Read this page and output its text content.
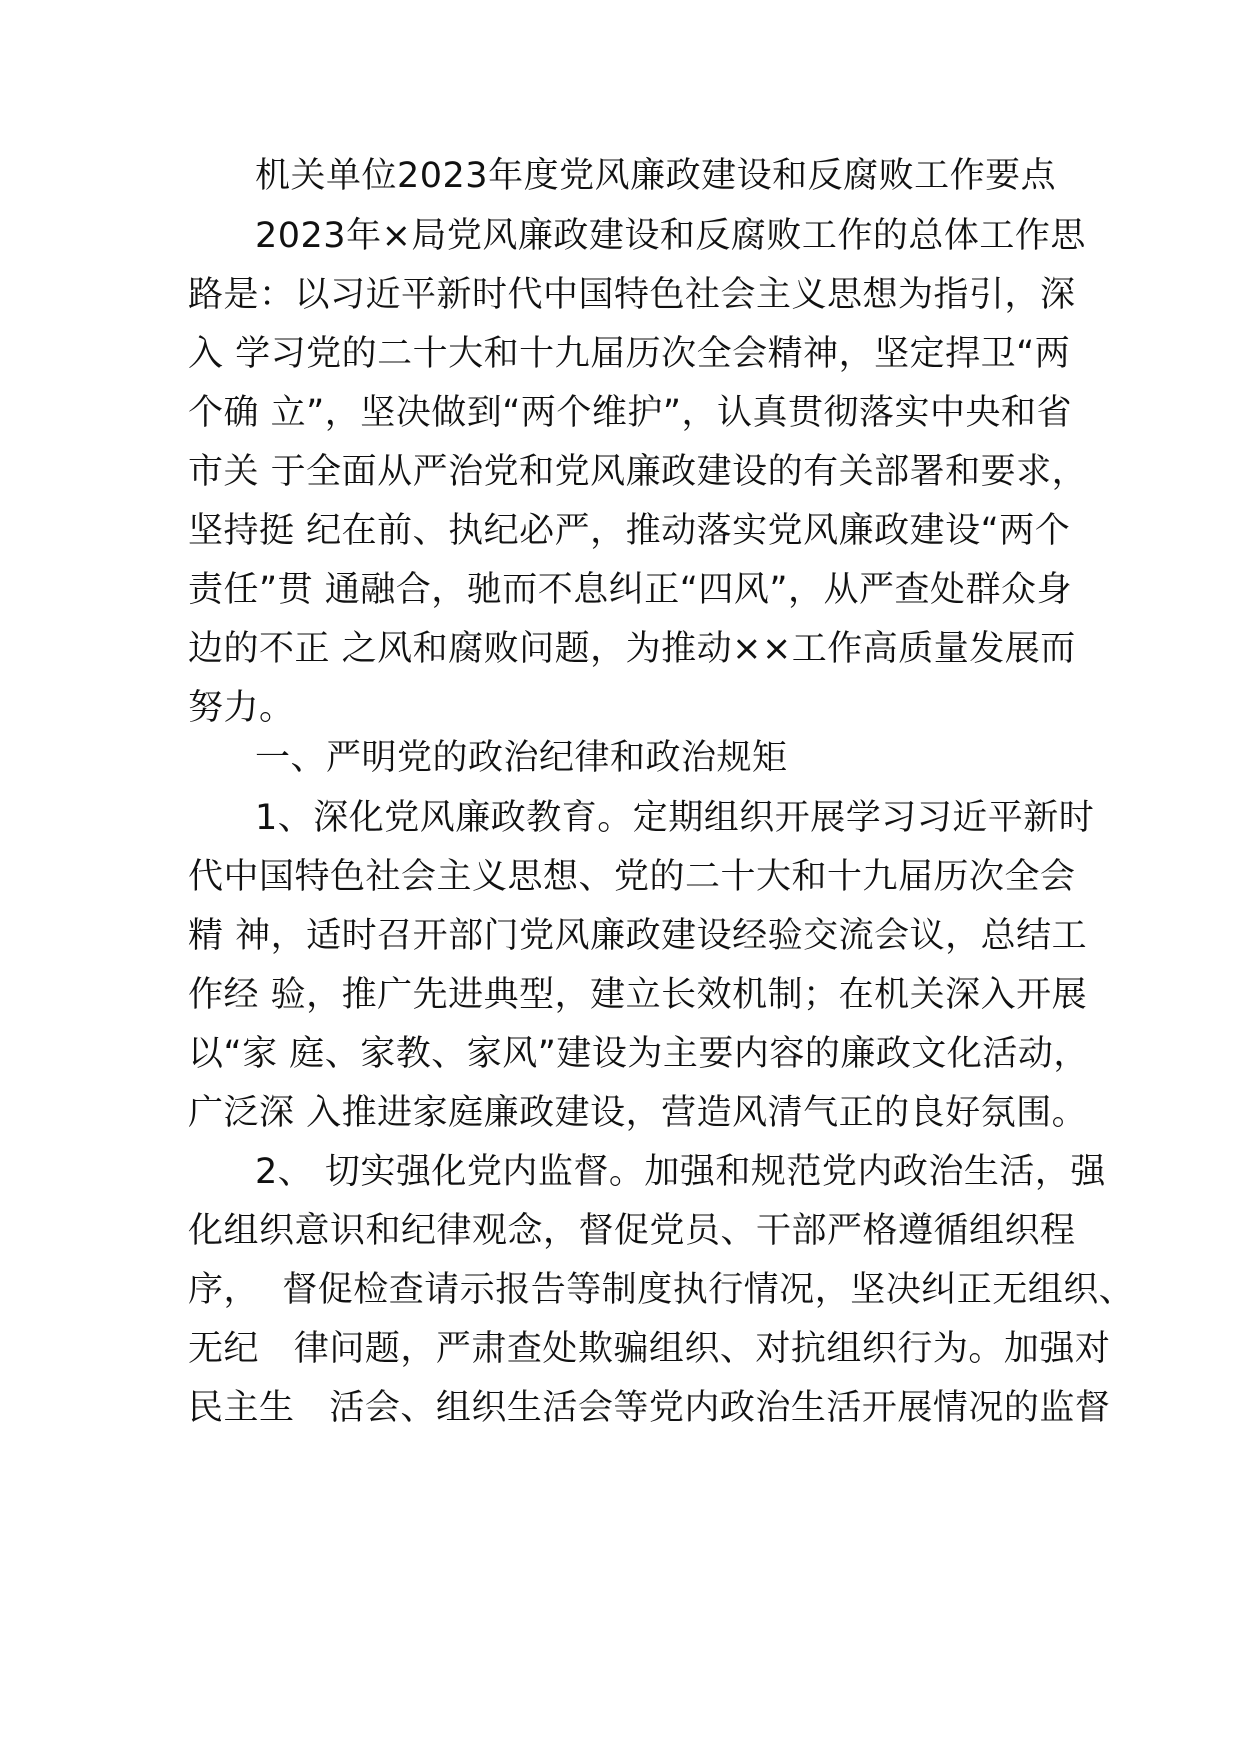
机关单位2023年度党风廉政建设和反腐败工作要点
2023年×局党风廉政建设和反腐败工作的总体工作思
路是：以习近平新时代中国特色社会主义思想为指引，深
入 学习党的二十大和十九届历次全会精神，坚定捍卫“两
个确 立”，坚决做到“两个维护”，认真贯彻落实中央和省
市关 于全面从严治党和党风廉政建设的有关部署和要求，
坚持挺 纪在前、执纪必严，推动落实党风廉政建设“两个
责任”贯 通融合，驰而不息纠正“四风”，从严查处群众身
边的不正 之风和腐败问题，为推动××工作高质量发展而
努力。
一、严明党的政治纪律和政治规矩
1、深化党风廉政教育。定期组织开展学习习近平新时
代中国特色社会主义思想、党的二十大和十九届历次全会
精 神，适时召开部门党风廉政建设经验交流会议，总结工
作经 验，推广先进典型，建立长效机制；在机关深入开展
以“家 庭、家教、家风”建设为主要内容的廉政文化活动，
广泛深 入推进家庭廉政建设，营造风清气正的良好氛围。
2、 切实强化党内监督。加强和规范党内政治生活，强
化组织意识和纪律观念，督促党员、干部严格遵循组织程
序，  督促检查请示报告等制度执行情况，坚决纠正无组织、
无纪   律问题，严肃查处欺骗组织、对抗组织行为。加强对
民主生   活会、组织生活会等党内政治生活开展情况的监督
